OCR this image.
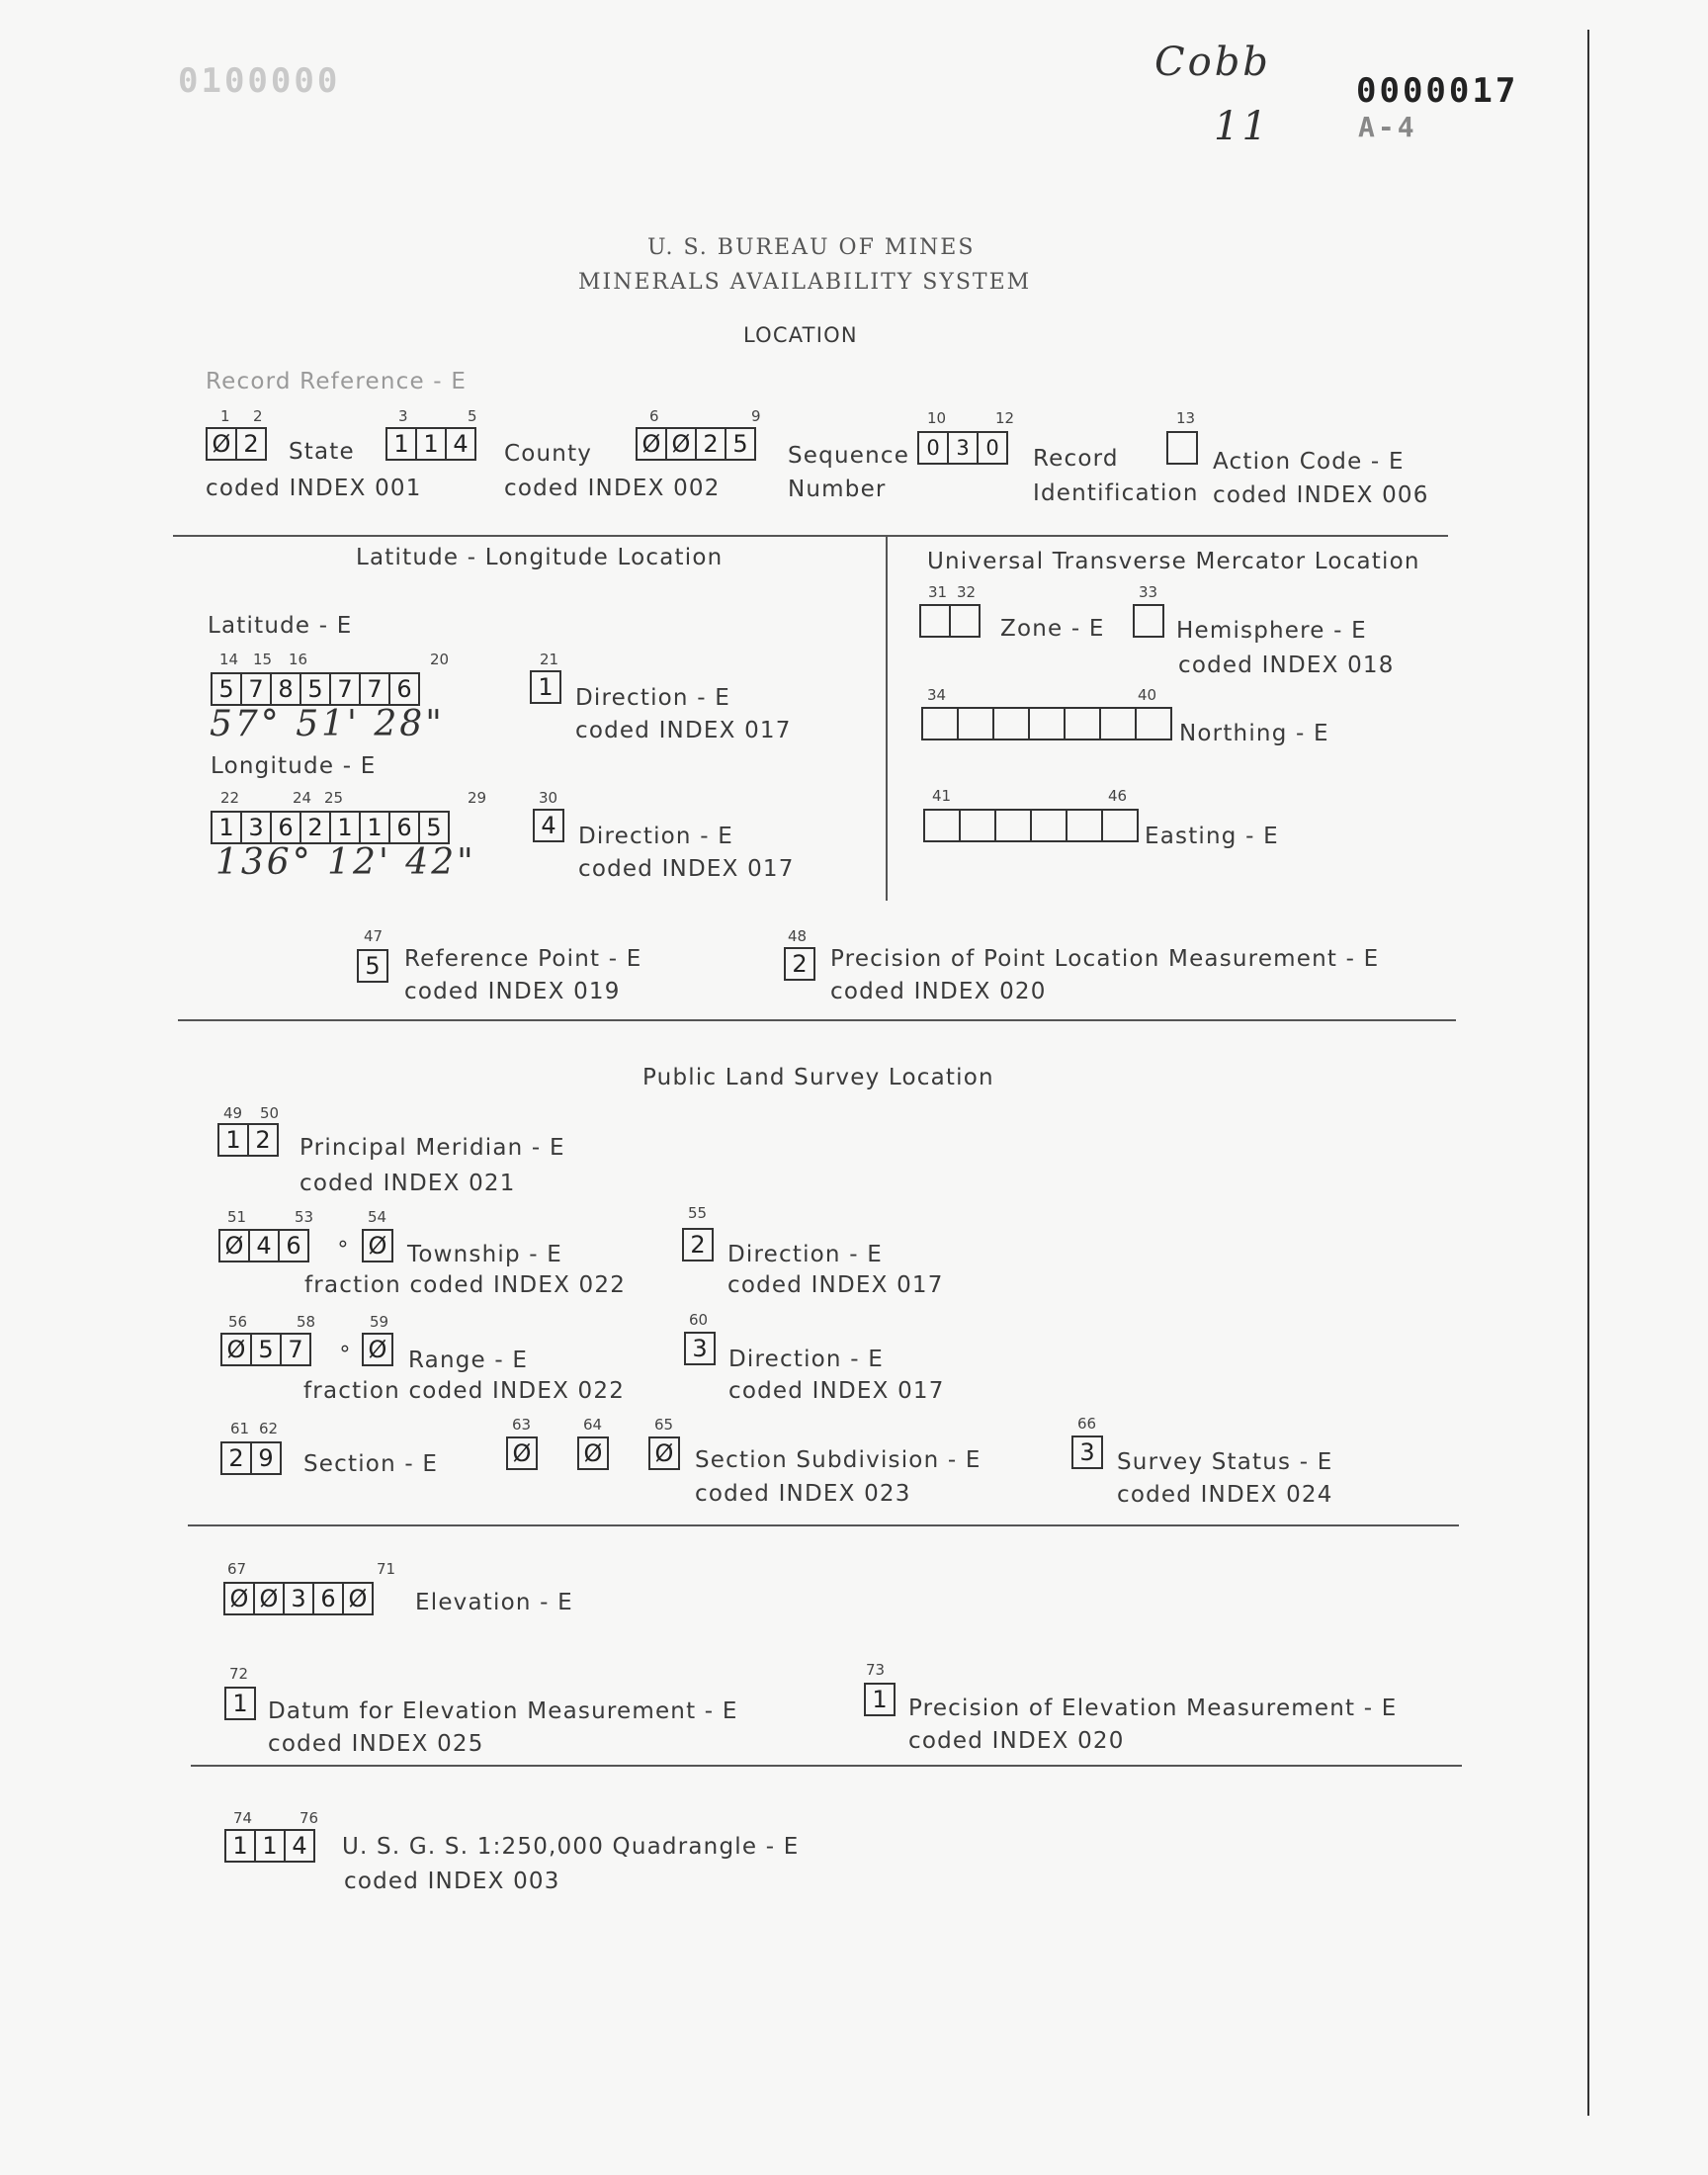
0100000	Cobb
11
0000017
A-4
U. S. BUREAU OF MINES
MINERALS AVAILABILITY SYSTEM
LOCATION
Record Reference - E
1 2
Ø 2	State
coded INDEX 001
3	5
1 1 4	County
coded INDEX 002
6	9
Ø Ø 2 5	Sequence
Number
10	12
0 3 0	Record
Identification
13
Action Code - E
coded INDEX 006
Latitude - Longitude Location
Latitude - E
14 15 16	20
5 7 8 5 7 7 6
57° 51' 28"
21
1 Direction - E
coded INDEX 017
Longitude - E
22	24 25	29
1 3 6 2 1 1 6 5
136° 12' 42"
30
4 Direction - E
coded INDEX 017
Universal Transverse Mercator Location
31 32
Zone - E
33
Hemisphere - E
coded INDEX 018
34	40
Northing - E
41	46
Easting - E
47
5	Reference Point - E
coded INDEX 019
48
2	Precision of Point Location Measurement - E
coded INDEX 020
Public Land Survey Location
49 50
1 2	Principal Meridian - E
coded INDEX 021
51	53	54
Ø 4 6	∘ Ø Township - E
fraction coded INDEX 022
55
2 Direction - E
coded INDEX 017
56	58	59
Ø 5 7	∘ Ø Range - E
fraction coded INDEX 022
60
3 Direction - E
coded INDEX 017
61 62
2 9	Section - E
63	64	65
Ø Ø Ø Section Subdivision - E
coded INDEX 023
66
3 Survey Status - E
coded INDEX 024
67	71
Ø Ø 3 6 Ø Elevation - E
72
1 Datum for Elevation Measurement - E
coded INDEX 025
73
1 Precision of Elevation Measurement - E
coded INDEX 020
74	76
1 1 4	U. S. G. S. 1:250,000 Quadrangle - E
coded INDEX 003
